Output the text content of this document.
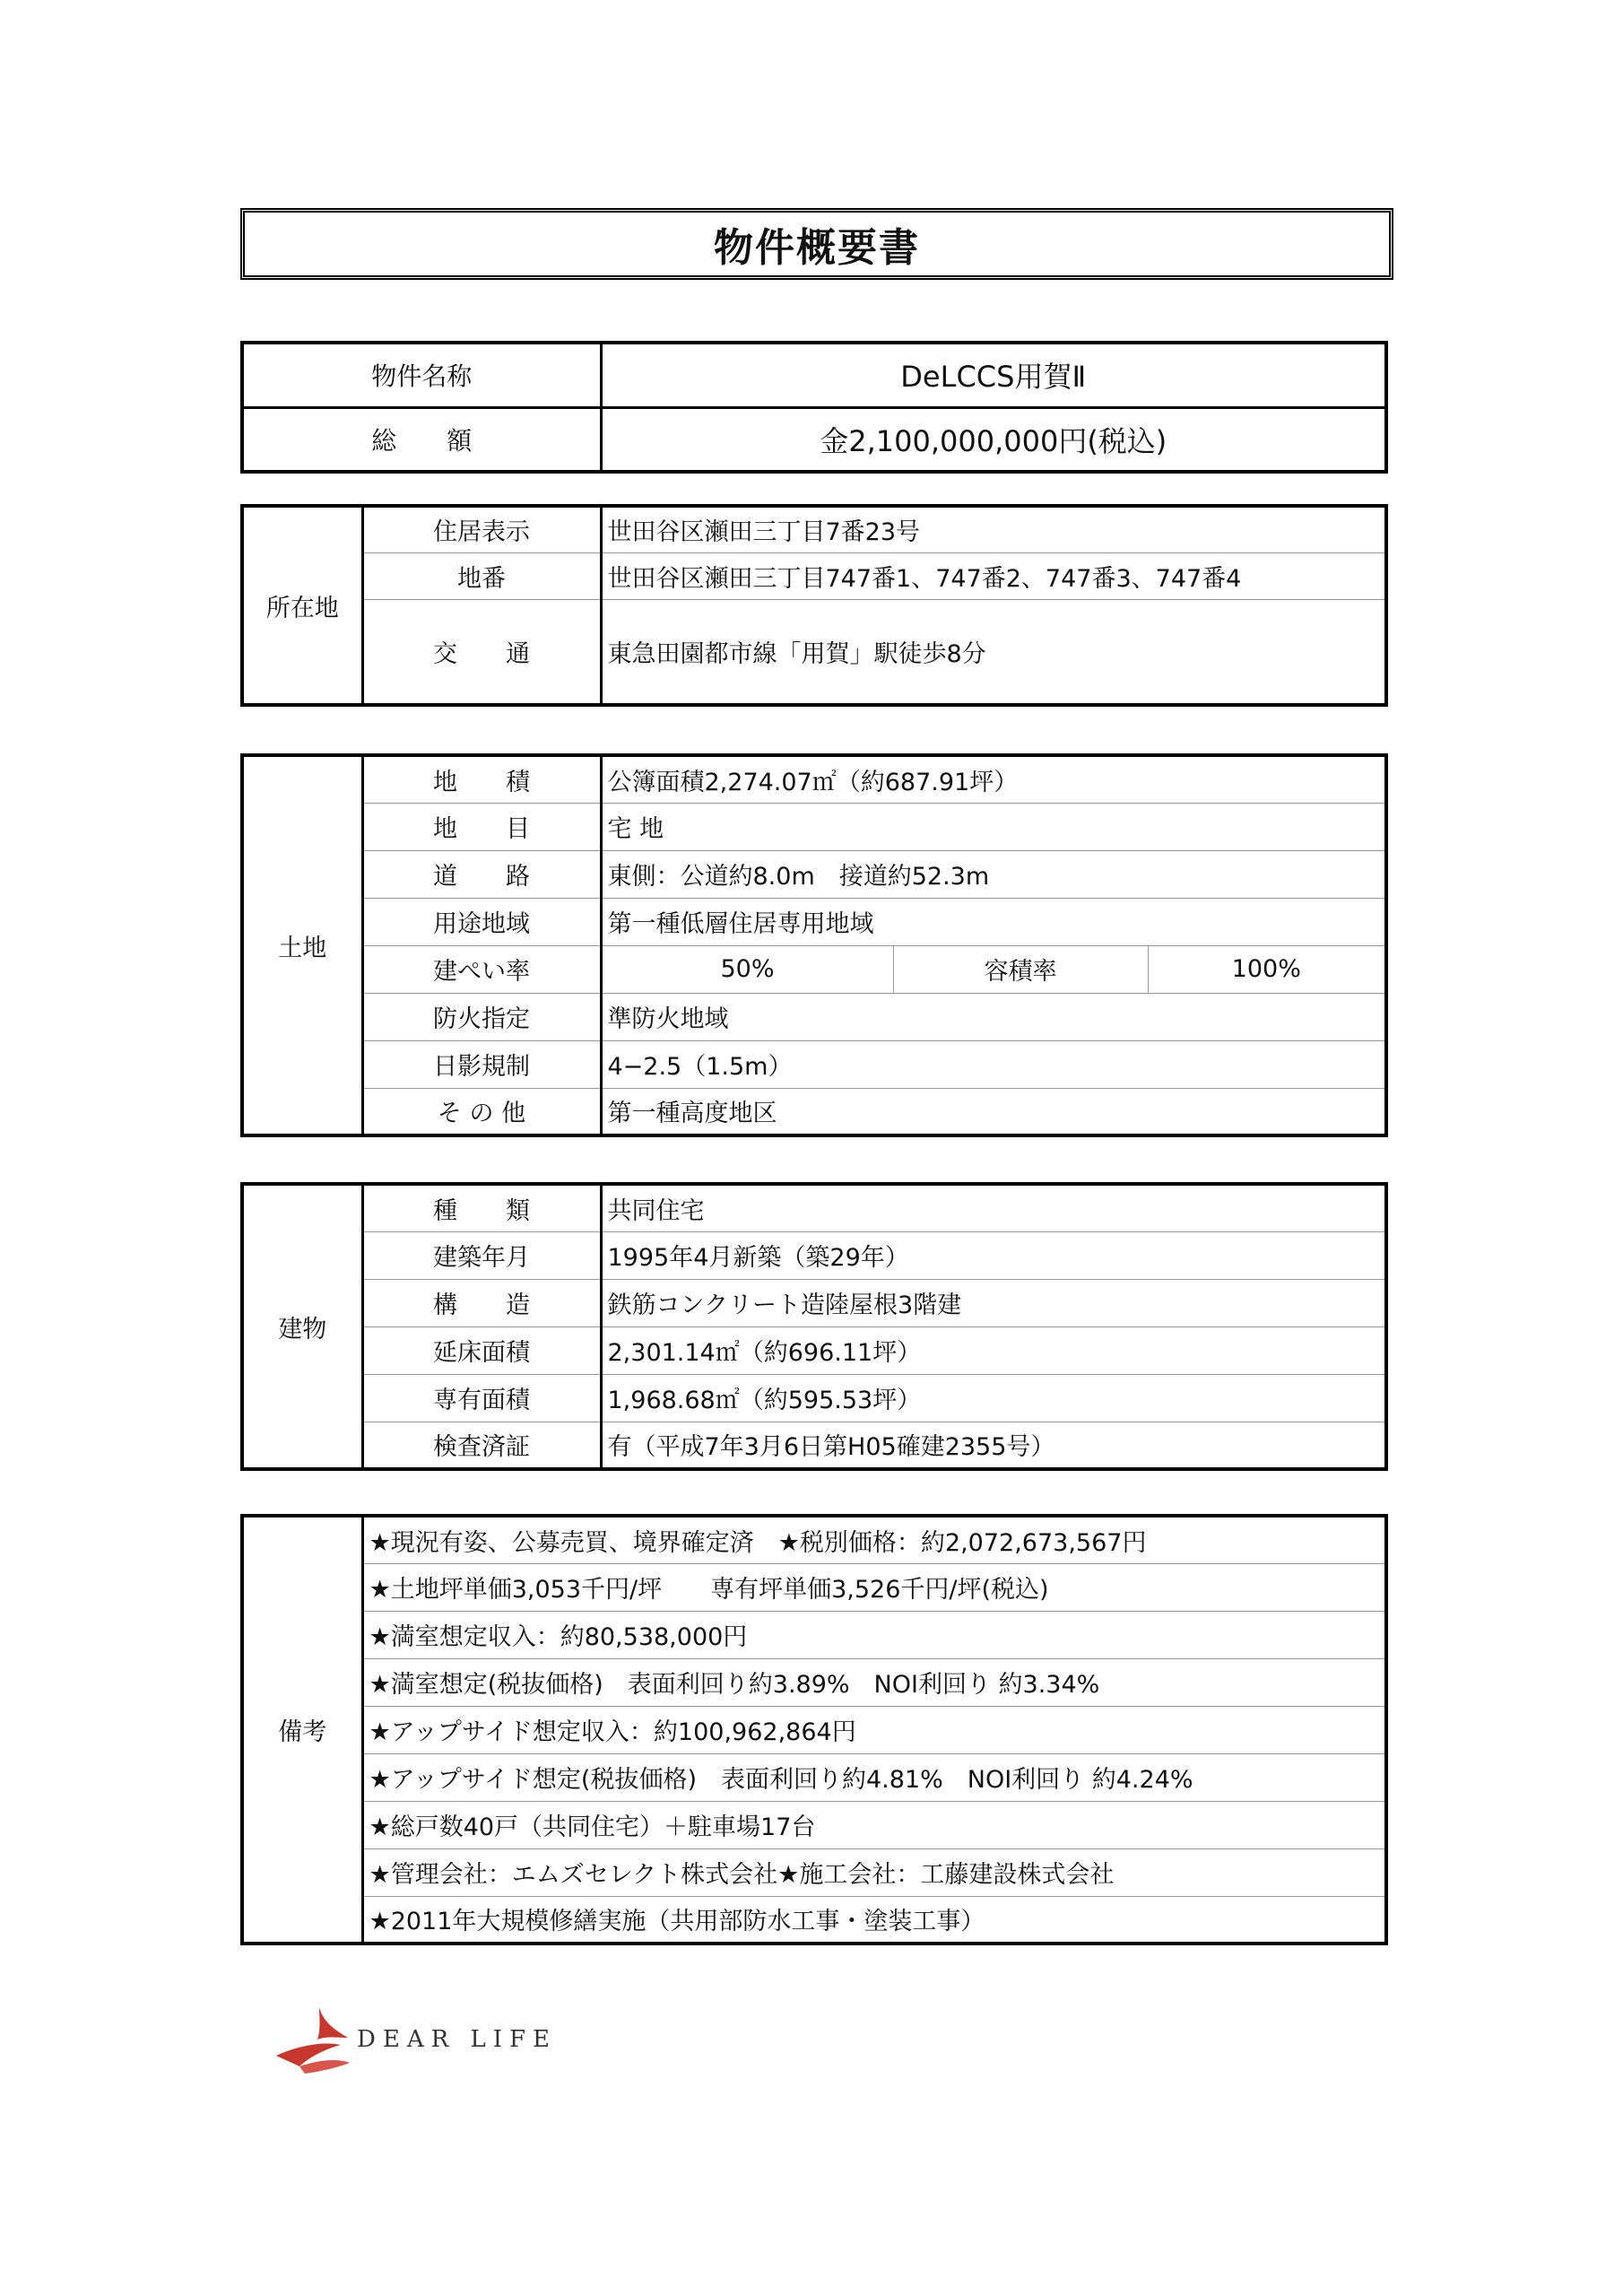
物件概要書
物件名称	DeLCCS用賀Ⅱ
総　　額	金2,100,000,000円(税込)
所在地	住居表示	世田谷区瀬田三丁目7番23号
	地番	世田谷区瀬田三丁目747番1、747番2、747番3、747番4
	交　　通	東急田園都市線「用賀」駅徒歩8分
土地	地　　積	公簿面積2,274.07㎡（約687.91坪）		
	地　　目	宅 地		
	道　　路	東側：公道約8.0m　接道約52.3m		
	用途地域	第一種低層住居専用地域		
	建ぺい率	50%	容積率	100%
	防火指定	準防火地域		
	日影規制	4−2.5（1.5m）		
	そ の 他	第一種高度地区		
建物	種　　類	共同住宅
	建築年月	1995年4月新築（築29年）
	構　　造	鉄筋コンクリート造陸屋根3階建
	延床面積	2,301.14㎡（約696.11坪）
	専有面積	1,968.68㎡（約595.53坪）
	検査済証	有（平成7年3月6日第H05確建2355号）
備考	★現況有姿、公募売買、境界確定済　★税別価格：約2,072,673,567円
★土地坪単価3,053千円/坪　　専有坪単価3,526千円/坪(税込)
★満室想定収入：約80,538,000円
★満室想定(税抜価格)　表面利回り約3.89%　NOI利回り 約3.34%
★アップサイド想定収入：約100,962,864円
★アップサイド想定(税抜価格)　表面利回り約4.81%　NOI利回り 約4.24%
★総戸数40戸（共同住宅）＋駐車場17台
★管理会社：エムズセレクト株式会社★施工会社：工藤建設株式会社
★2011年大規模修繕実施（共用部防水工事・塗装工事）
DEAR LIFE
